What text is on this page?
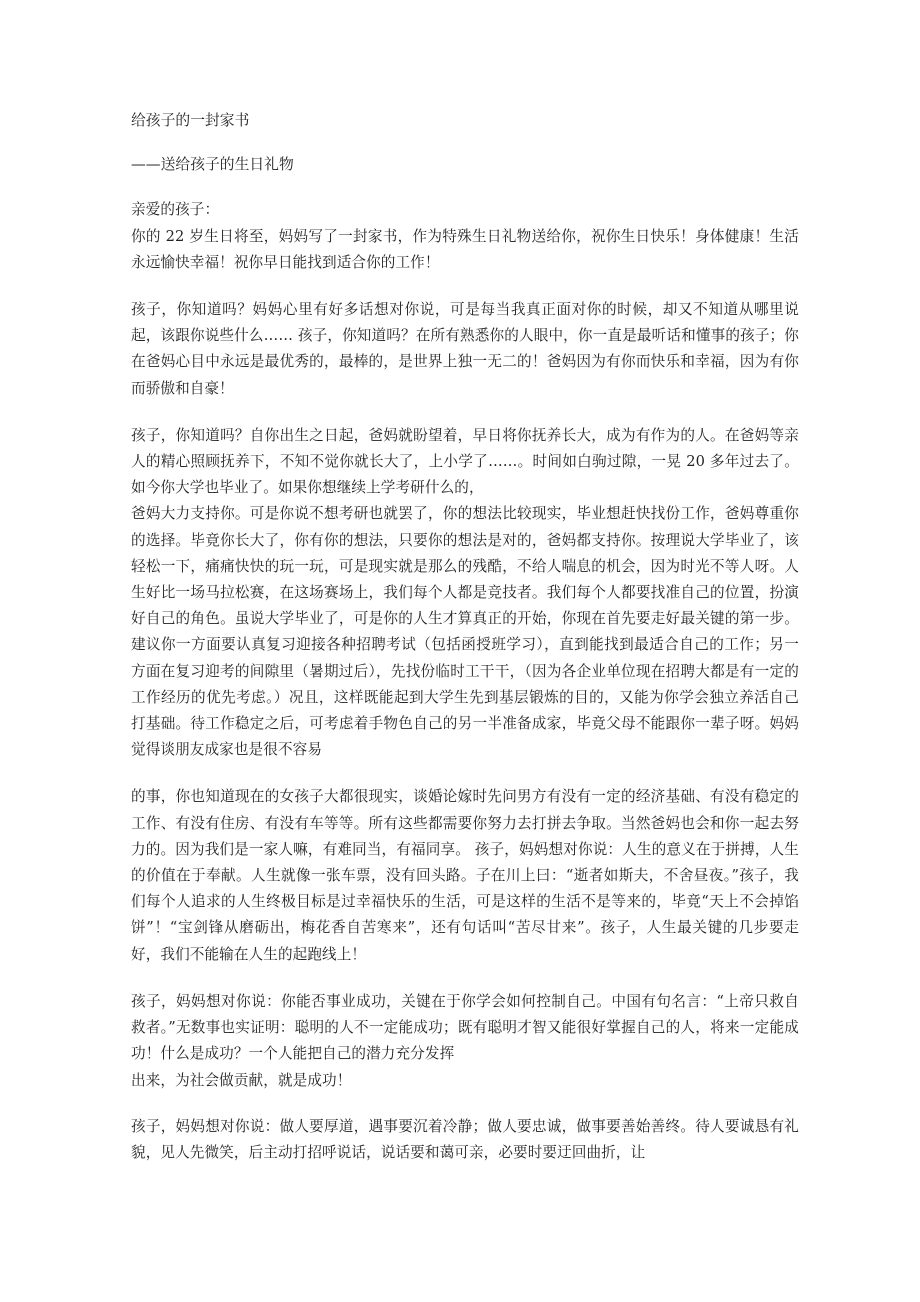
给孩子的一封家书
——送给孩子的生日礼物
亲爱的孩子：
你的 22 岁生日将至，妈妈写了一封家书，作为特殊生日礼物送给你，祝你生日快乐！身体健康！生活永远愉快幸福！祝你早日能找到适合你的工作！
孩子，你知道吗？妈妈心里有好多话想对你说，可是每当我真正面对你的时候，却又不知道从哪里说起，该跟你说些什么…… 孩子，你知道吗？在所有熟悉你的人眼中，你一直是最听话和懂事的孩子；你在爸妈心目中永远是最优秀的，最棒的，是世界上独一无二的！爸妈因为有你而快乐和幸福，因为有你而骄傲和自豪！
孩子，你知道吗？自你出生之日起，爸妈就盼望着，早日将你抚养长大，成为有作为的人。在爸妈等亲人的精心照顾抚养下，不知不觉你就长大了，上小学了……。时间如白驹过隙，一晃 20 多年过去了。如今你大学也毕业了。如果你想继续上学考研什么的，
爸妈大力支持你。可是你说不想考研也就罢了，你的想法比较现实，毕业想赶快找份工作，爸妈尊重你的选择。毕竟你长大了，你有你的想法，只要你的想法是对的，爸妈都支持你。按理说大学毕业了，该轻松一下，痛痛快快的玩一玩，可是现实就是那么的残酷，不给人喘息的机会，因为时光不等人呀。人生好比一场马拉松赛，在这场赛场上，我们每个人都是竞技者。我们每个人都要找准自己的位置，扮演好自己的角色。虽说大学毕业了，可是你的人生才算真正的开始，你现在首先要走好最关键的第一步。建议你一方面要认真复习迎接各种招聘考试（包括函授班学习），直到能找到最适合自己的工作；另一方面在复习迎考的间隙里（暑期过后），先找份临时工干干，（因为各企业单位现在招聘大都是有一定的工作经历的优先考虑。）况且，这样既能起到大学生先到基层锻炼的目的，又能为你学会独立养活自己打基础。待工作稳定之后，可考虑着手物色自己的另一半准备成家，毕竟父母不能跟你一辈子呀。妈妈觉得谈朋友成家也是很不容易
的事，你也知道现在的女孩子大都很现实，谈婚论嫁时先问男方有没有一定的经济基础、有没有稳定的工作、有没有住房、有没有车等等。所有这些都需要你努力去打拼去争取。当然爸妈也会和你一起去努力的。因为我们是一家人嘛，有难同当，有福同享。 孩子，妈妈想对你说：人生的意义在于拼搏，人生的价值在于奉献。人生就像一张车票，没有回头路。子在川上曰：“逝者如斯夫，不舍昼夜。”孩子，我们每个人追求的人生终极目标是过幸福快乐的生活，可是这样的生活不是等来的，毕竟“天上不会掉馅饼”！“宝剑锋从磨砺出，梅花香自苦寒来”，还有句话叫“苦尽甘来”。孩子，人生最关键的几步要走好，我们不能输在人生的起跑线上！
孩子，妈妈想对你说：你能否事业成功，关键在于你学会如何控制自己。中国有句名言：“上帝只救自救者。”无数事也实证明：聪明的人不一定能成功；既有聪明才智又能很好掌握自己的人，将来一定能成功！什么是成功？一个人能把自己的潜力充分发挥
出来，为社会做贡献，就是成功！
孩子，妈妈想对你说：做人要厚道，遇事要沉着冷静；做人要忠诚，做事要善始善终。待人要诚恳有礼貌，见人先微笑，后主动打招呼说话，说话要和蔼可亲，必要时要迂回曲折，让
